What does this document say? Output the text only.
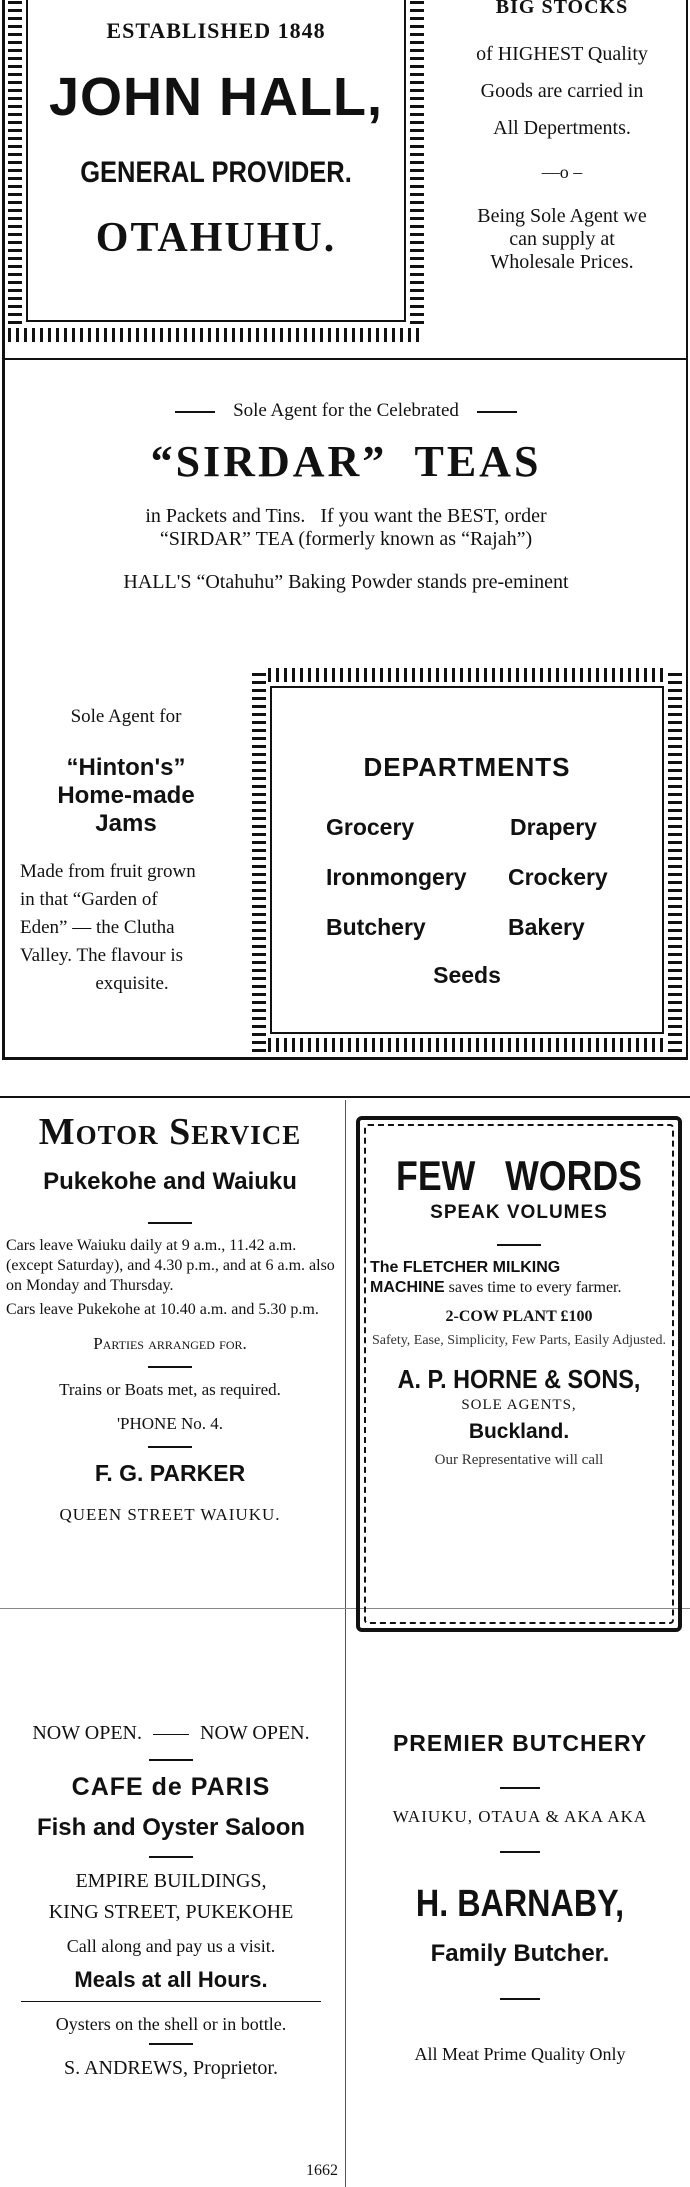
ESTABLISHED 1848

JOHN HALL,

GENERAL PROVIDER.

OTAHUHU.

BIG STOCKS

of HIGHEST Quality

Goods are carried in

All Depertments.

—o –

Being Sole Agent we

can supply at

Wholesale Prices.

Sole Agent for the Celebrated

“SIRDAR”  TEAS

in Packets and Tins.   If you want the BEST, order

“SIRDAR” TEA (formerly known as “Rajah”)

HALL'S “Otahuhu” Baking Powder stands pre-eminent

Sole Agent for

“Hinton's”

Home-made

Jams

Made from fruit grown

in that “Garden of

Eden” — the Clutha

Valley. The flavour is

exquisite.

DEPARTMENTS

Grocery	Drapery

Ironmongery Crockery

Butchery	Bakery

Seeds

Motor Service

Pukekohe and Waiuku

Cars leave Waiuku daily at 9 a.m., 11.42 a.m. (except Saturday), and 4.30 p.m., and at 6 a.m. also on Monday and Thursday.

Cars leave Pukekohe at 10.40 a.m. and 5.30 p.m.

Parties arranged for.

Trains or Boats met, as required.

'PHONE No. 4.

F. G. PARKER

QUEEN STREET WAIUKU.

FEW   WORDS

SPEAK VOLUMES

The FLETCHER MILKING
MACHINE saves time to every farmer.

2-COW PLANT £100

Safety, Ease, Simplicity, Few Parts, Easily Adjusted.

A. P. HORNE & SONS,

SOLE AGENTS,

Buckland.

Our Representative will call

NOW OPEN.	NOW OPEN.

CAFE de PARIS

Fish and Oyster Saloon

EMPIRE BUILDINGS,

KING STREET, PUKEKOHE

Call along and pay us a visit.

Meals at all Hours.

Oysters on the shell or in bottle.

S. ANDREWS, Proprietor.

PREMIER BUTCHERY

WAIUKU, OTAUA & AKA AKA

H. BARNABY,

Family Butcher.

All Meat Prime Quality Only

1662
